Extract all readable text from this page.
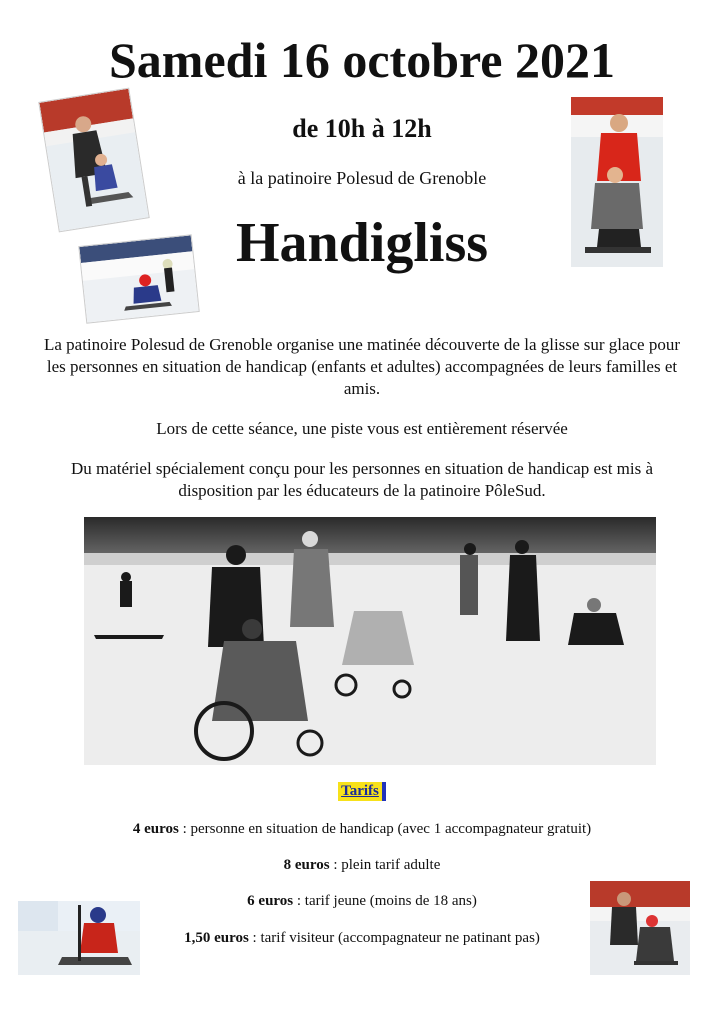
Samedi 16 octobre 2021
de 10h à 12h
à la patinoire Polesud de Grenoble
Handigliss
La patinoire Polesud de Grenoble organise une matinée découverte de la glisse sur glace pour les personnes en situation de handicap (enfants et adultes) accompagnées de leurs familles et amis.
Lors de cette séance, une piste vous est entièrement réservée
Du matériel spécialement conçu pour les personnes en situation de handicap est mis à disposition par les éducateurs de la patinoire PôleSud.
Tarifs
4 euros : personne en situation de handicap (avec 1 accompagnateur gratuit)
8 euros : plein tarif adulte
6 euros : tarif jeune (moins de 18 ans)
1,50 euros : tarif visiteur (accompagnateur ne patinant pas)
